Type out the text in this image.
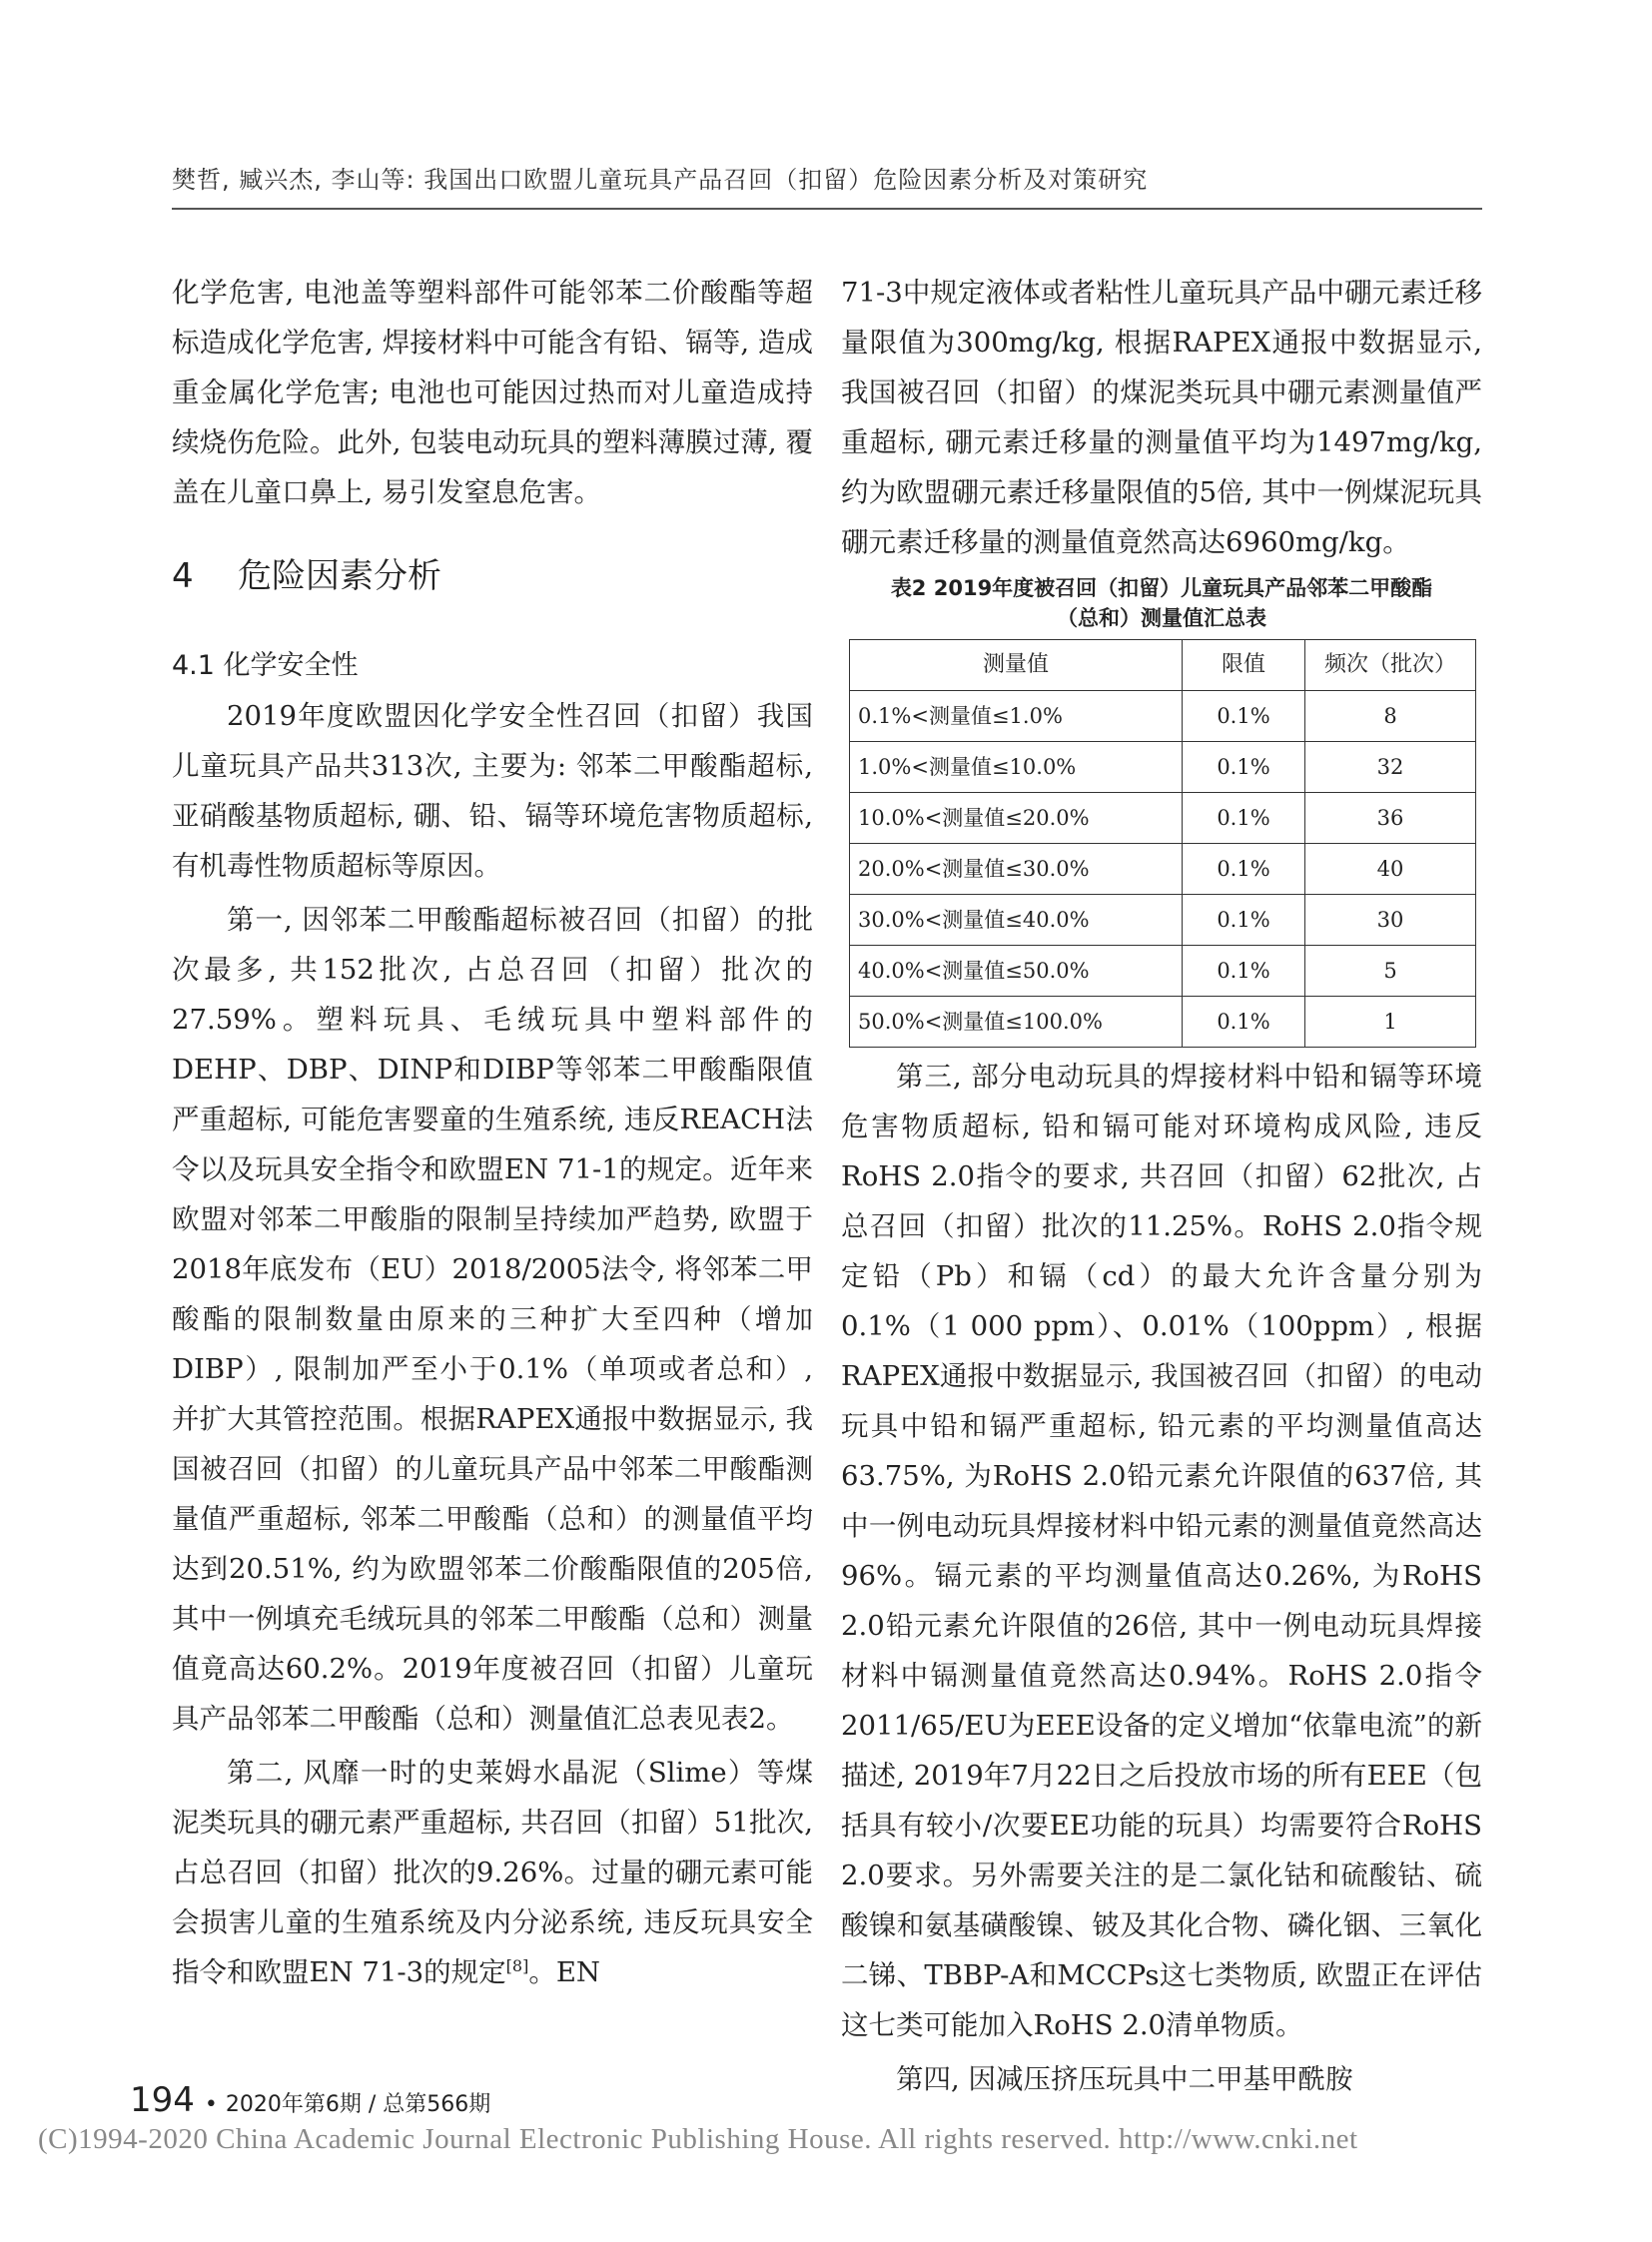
樊哲, 臧兴杰, 李山等: 我国出口欧盟儿童玩具产品召回（扣留）危险因素分析及对策研究

化学危害, 电池盖等塑料部件可能邻苯二价酸酯等超标造成化学危害, 焊接材料中可能含有铅、镉等, 造成重金属化学危害; 电池也可能因过热而对儿童造成持续烧伤危险。此外, 包装电动玩具的塑料薄膜过薄, 覆盖在儿童口鼻上, 易引发窒息危害。

4 危险因素分析
4.1 化学安全性

2019年度欧盟因化学安全性召回（扣留）我国儿童玩具产品共313次, 主要为: 邻苯二甲酸酯超标, 亚硝酸基物质超标, 硼、铅、镉等环境危害物质超标, 有机毒性物质超标等原因。

第一, 因邻苯二甲酸酯超标被召回（扣留）的批次最多, 共152批次, 占总召回（扣留）批次的27.59%。塑料玩具、毛绒玩具中塑料部件的DEHP、DBP、DINP和DIBP等邻苯二甲酸酯限值严重超标, 可能危害婴童的生殖系统, 违反REACH法令以及玩具安全指令和欧盟EN 71-1的规定。近年来欧盟对邻苯二甲酸脂的限制呈持续加严趋势, 欧盟于2018年底发布（EU）2018/2005法令, 将邻苯二甲酸酯的限制数量由原来的三种扩大至四种（增加DIBP）, 限制加严至小于0.1%（单项或者总和）, 并扩大其管控范围。根据RAPEX通报中数据显示, 我国被召回（扣留）的儿童玩具产品中邻苯二甲酸酯测量值严重超标, 邻苯二甲酸酯（总和）的测量值平均达到20.51%, 约为欧盟邻苯二价酸酯限值的205倍, 其中一例填充毛绒玩具的邻苯二甲酸酯（总和）测量值竟高达60.2%。2019年度被召回（扣留）儿童玩具产品邻苯二甲酸酯（总和）测量值汇总表见表2。

第二, 风靡一时的史莱姆水晶泥（Slime）等煤泥类玩具的硼元素严重超标, 共召回（扣留）51批次, 占总召回（扣留）批次的9.26%。过量的硼元素可能会损害儿童的生殖系统及内分泌系统, 违反玩具安全指令和欧盟EN 71-3的规定[8]。EN

71-3中规定液体或者粘性儿童玩具产品中硼元素迁移量限值为300mg/kg, 根据RAPEX通报中数据显示, 我国被召回（扣留）的煤泥类玩具中硼元素测量值严重超标, 硼元素迁移量的测量值平均为1497mg/kg, 约为欧盟硼元素迁移量限值的5倍, 其中一例煤泥玩具硼元素迁移量的测量值竟然高达6960mg/kg。

表2 2019年度被召回（扣留）儿童玩具产品邻苯二甲酸酯
（总和）测量值汇总表
测量值	限值	频次（批次）
0.1%<测量值≤1.0%	0.1%	8
1.0%<测量值≤10.0%	0.1%	32
10.0%<测量值≤20.0%	0.1%	36
20.0%<测量值≤30.0%	0.1%	40
30.0%<测量值≤40.0%	0.1%	30
40.0%<测量值≤50.0%	0.1%	5
50.0%<测量值≤100.0%	0.1%	1

第三, 部分电动玩具的焊接材料中铅和镉等环境危害物质超标, 铅和镉可能对环境构成风险, 违反RoHS 2.0指令的要求, 共召回（扣留）62批次, 占总召回（扣留）批次的11.25%。RoHS 2.0指令规定铅（Pb）和镉（cd）的最大允许含量分别为0.1%（1 000 ppm）、0.01%（100ppm）, 根据RAPEX通报中数据显示, 我国被召回（扣留）的电动玩具中铅和镉严重超标, 铅元素的平均测量值高达63.75%, 为RoHS 2.0铅元素允许限值的637倍, 其中一例电动玩具焊接材料中铅元素的测量值竟然高达96%。镉元素的平均测量值高达0.26%, 为RoHS 2.0铅元素允许限值的26倍, 其中一例电动玩具焊接材料中镉测量值竟然高达0.94%。RoHS 2.0指令2011/65/EU为EEE设备的定义增加“依靠电流”的新描述, 2019年7月22日之后投放市场的所有EEE（包括具有较小/次要EE功能的玩具）均需要符合RoHS 2.0要求。另外需要关注的是二氯化钴和硫酸钴、硫酸镍和氨基磺酸镍、铍及其化合物、磷化铟、三氧化二锑、TBBP-A和MCCPs这七类物质, 欧盟正在评估这七类可能加入RoHS 2.0清单物质。

第四, 因减压挤压玩具中二甲基甲酰胺

194 • 2020年第6期 / 总第566期
(C)1994-2020 China Academic Journal Electronic Publishing House. All rights reserved. http://www.cnki.net
